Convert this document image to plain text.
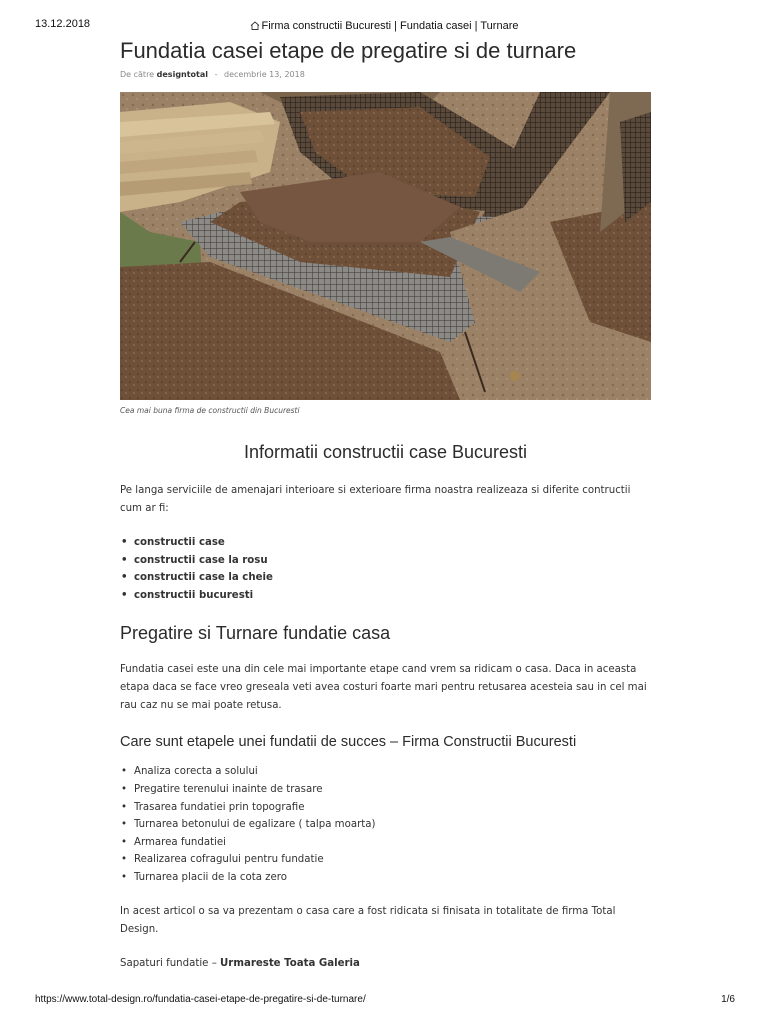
13.12.2018	Firma constructii Bucuresti | Fundatia casei | Turnare
Fundatia casei etape de pregatire si de turnare
De către designtotal - decembrie 13, 2018
Cea mai buna firma de constructii din Bucuresti
Informatii constructii case Bucuresti

Pe langa serviciile de amenajari interioare si exterioare firma noastra realizeaza si diferite contructii cum ar fi:

• constructii case
• constructii case la rosu
• constructii case la cheie
• constructii bucuresti
Pregatire si Turnare fundatie casa

Fundatia casei este una din cele mai importante etape cand vrem sa ridicam o casa. Daca in aceasta etapa daca se face vreo greseala veti avea costuri foarte mari pentru retusarea acesteia sau in cel mai rau caz nu se mai poate retusa.

Care sunt etapele unei fundatii de succes – Firma Constructii Bucuresti
• Analiza corecta a solului
• Pregatire terenului inainte de trasare
• Trasarea fundatiei prin topografie
• Turnarea betonului de egalizare ( talpa moarta)
• Armarea fundatiei
• Realizarea cofragului pentru fundatie
• Turnarea placii de la cota zero

In acest articol o sa va prezentam o casa care a fost ridicata si finisata in totalitate de firma Total Design.

Sapaturi fundatie – Urmareste Toata Galeria

https://www.total-design.ro/fundatia-casei-etape-de-pregatire-si-de-turnare/	1/6
